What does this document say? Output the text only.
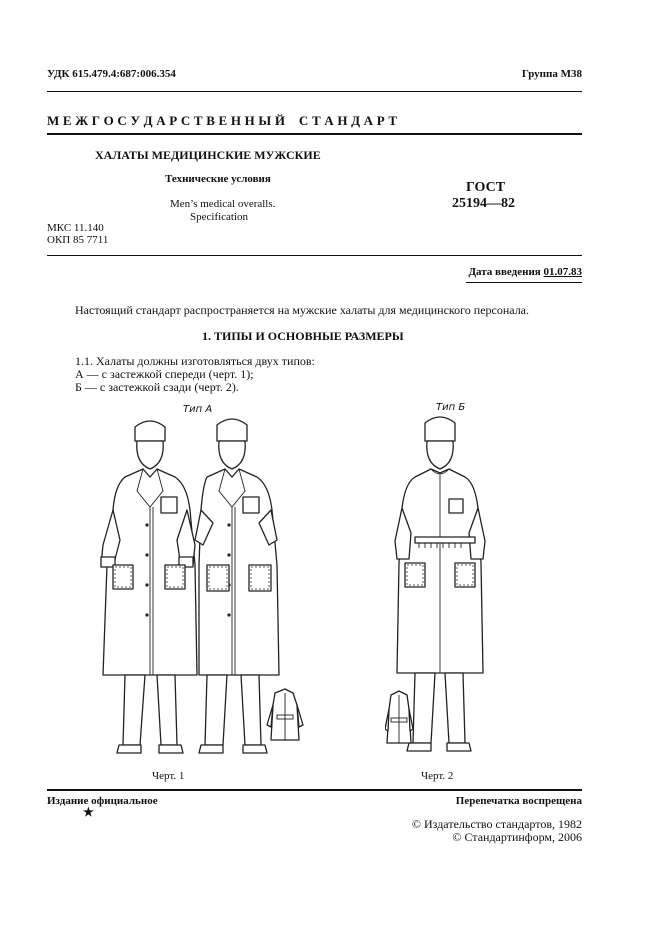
УДК 615.479.4:687:006.354	Группа М38
М Е Ж Г О С У Д А Р С Т В Е Н Н Ы Й    С Т А Н Д А Р Т
ХАЛАТЫ МЕДИЦИНСКИЕ МУЖСКИЕ
Технические условия
Men’s medical overalls.
Specification
ГОСТ
25194—82
МКС 11.140
ОКП 85 7711
Дата введения 01.07.83
Настоящий стандарт распространяется на мужские халаты для медицинского персонала.
1. ТИПЫ И ОСНОВНЫЕ РАЗМЕРЫ
1.1. Халаты должны изготовляться двух типов:
А — с застежкой спереди (черт. 1);
Б — с застежкой сзади (черт. 2).
Тип А	Тип Б
Черт. 1	Черт. 2
Издание официальное
★
Перепечатка воспрещена
© Издательство стандартов, 1982
© Стандартинформ, 2006
